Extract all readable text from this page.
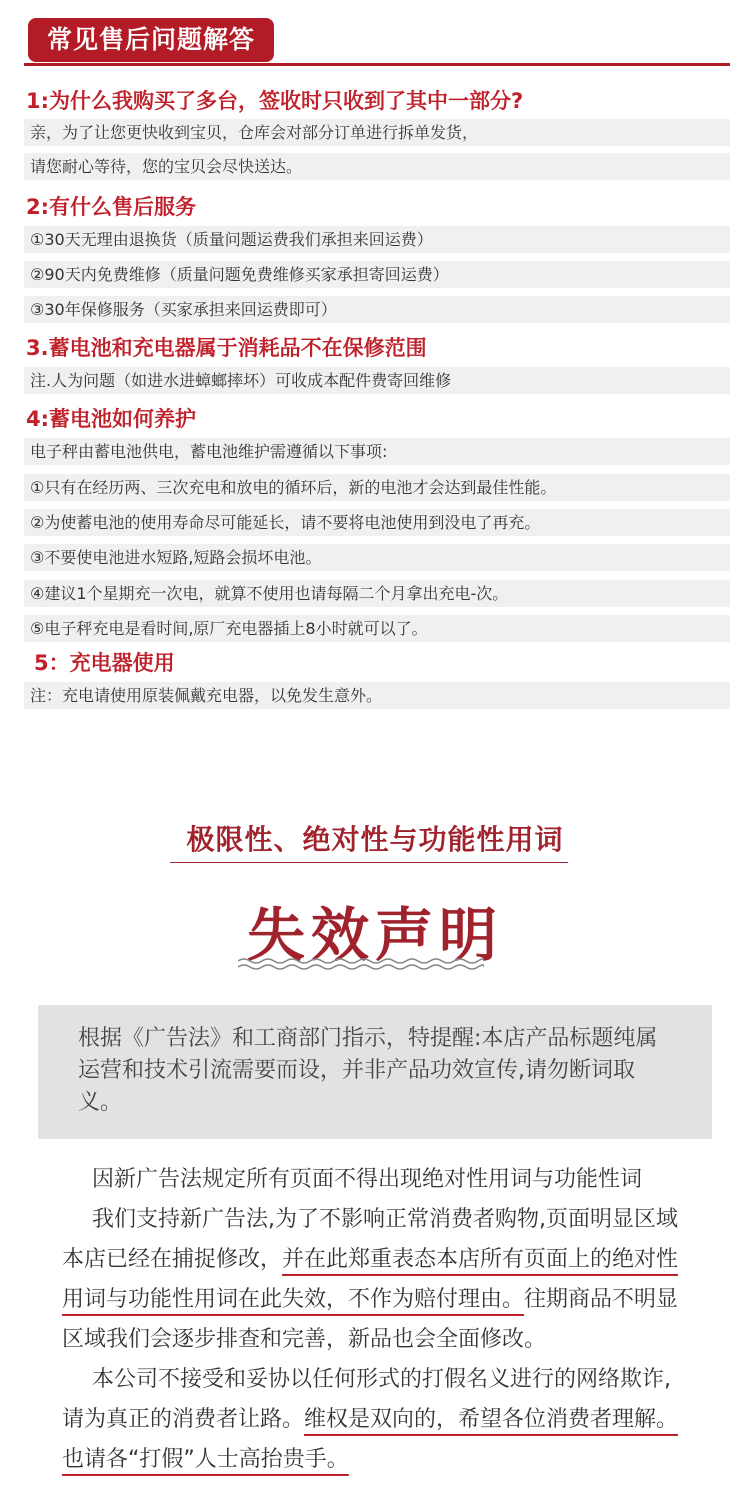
常见售后问题解答
1:为什么我购买了多台，签收时只收到了其中一部分?
亲，为了让您更快收到宝贝，仓库会对部分订单进行拆单发货，
请您耐心等待，您的宝贝会尽快送达。
2:有什么售后服务
①30天无理由退换货（质量问题运费我们承担来回运费）
②90天内免费维修（质量问题免费维修买家承担寄回运费）
③30年保修服务（买家承担来回运费即可）
3.蓄电池和充电器属于消耗品不在保修范围
注.人为问题（如进水进蟑螂摔坏）可收成本配件费寄回维修
4:蓄电池如何养护
电子秤由蓄电池供电，蓄电池维护需遵循以下事项:
①只有在经历两、三次充电和放电的循环后，新的电池才会达到最佳性能。
②为使蓄电池的使用寿命尽可能延长，请不要将电池使用到没电了再充。
③不要使电池进水短路,短路会损坏电池。
④建议1个星期充一次电，就算不使用也请每隔二个月拿出充电-次。
⑤电子秤充电是看时间,原厂充电器插上8小时就可以了。
5：充电器使用
注：充电请使用原装佩戴充电器，以免发生意外。
极限性、绝对性与功能性用词
失效声明
根据《广告法》和工商部门指示，特提醒:本店产品标题纯属运营和技术引流需要而设，并非产品功效宣传,请勿断词取义。

因新广告法规定所有页面不得出现绝对性用词与功能性词

我们支持新广告法,为了不影响正常消费者购物,页面明显区域本店已经在捕捉修改，并在此郑重表态本店所有页面上的绝对性用词与功能性用词在此失效，不作为赔付理由。往期商品不明显区域我们会逐步排查和完善，新品也会全面修改。

本公司不接受和妥协以任何形式的打假名义进行的网络欺诈,请为真正的消费者让路。维权是双向的，希望各位消费者理解。也请各“打假”人士高抬贵手。
